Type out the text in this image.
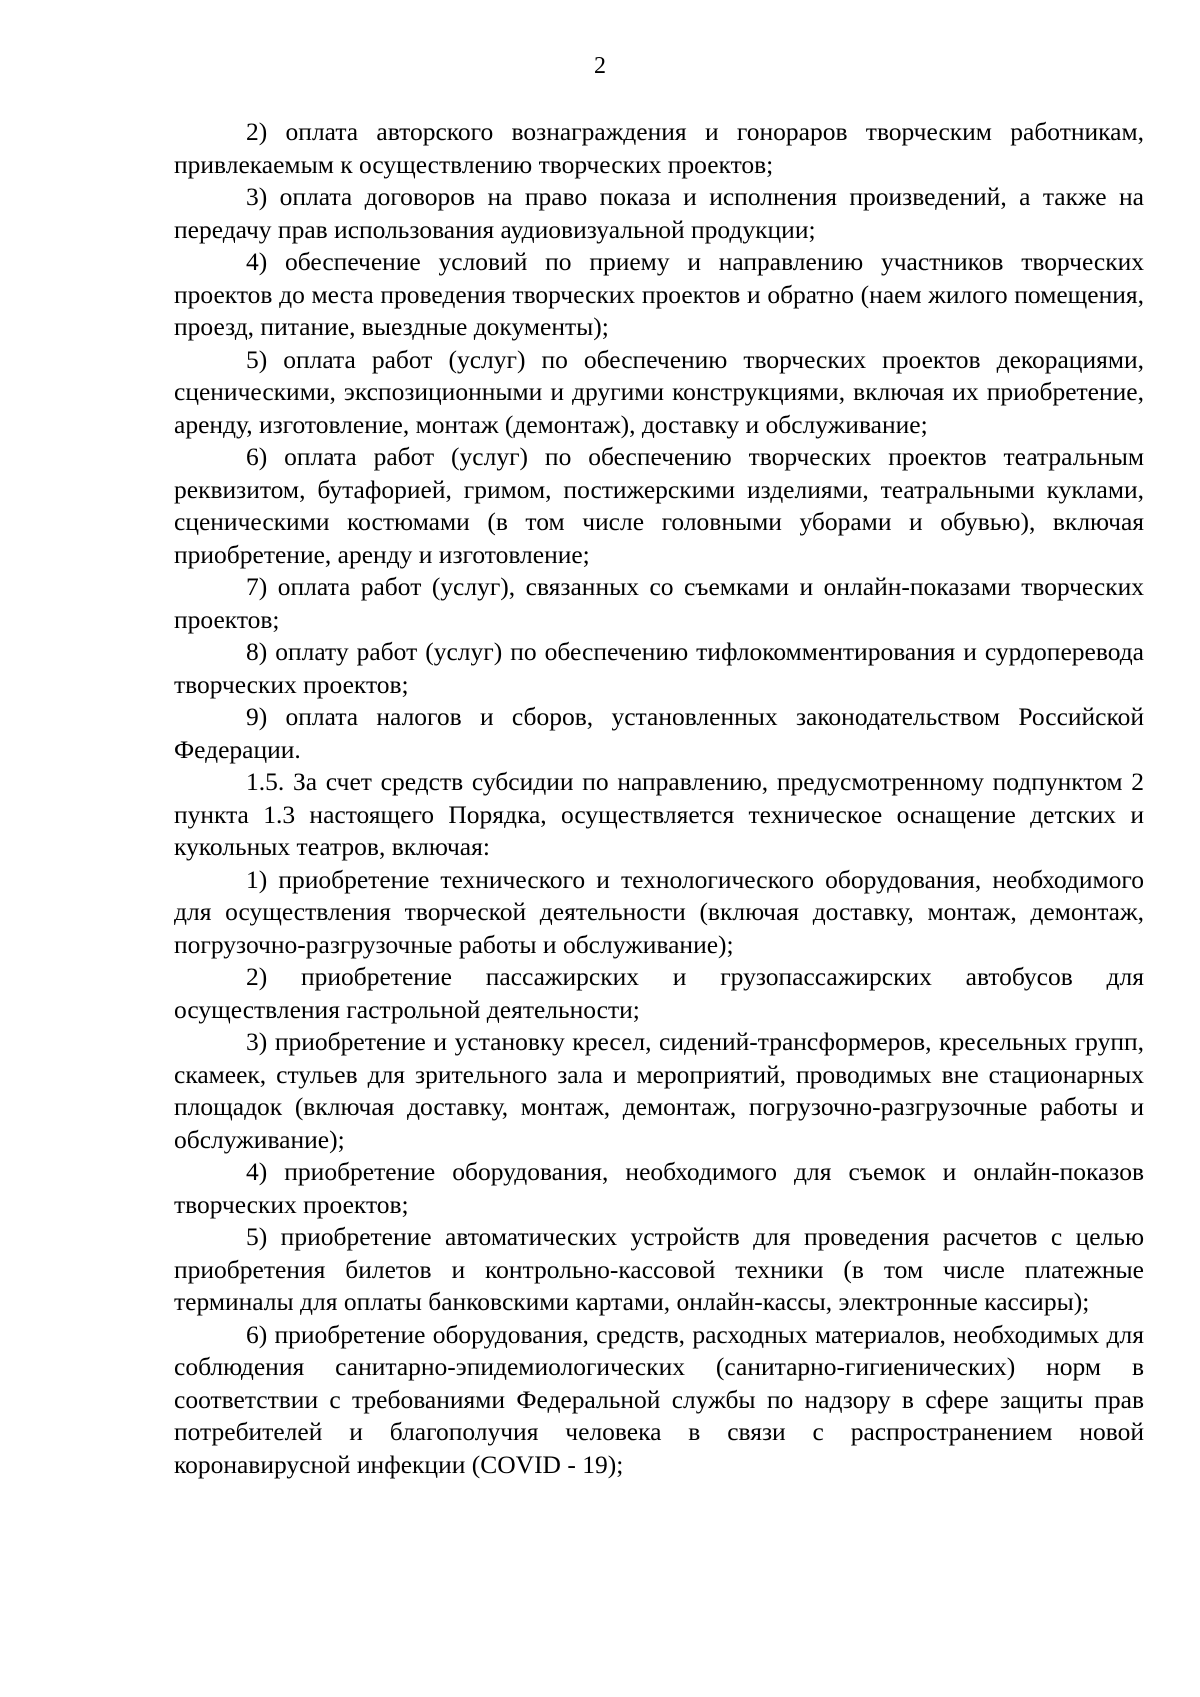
2

2) оплата авторского вознаграждения и гонораров творческим работникам, привлекаемым к осуществлению творческих проектов;

3) оплата договоров на право показа и исполнения произведений, а также на передачу прав использования аудиовизуальной продукции;

4) обеспечение условий по приему и направлению участников творческих проектов до места проведения творческих проектов и обратно (наем жилого помещения, проезд, питание, выездные документы);

5) оплата работ (услуг) по обеспечению творческих проектов декорациями, сценическими, экспозиционными и другими конструкциями, включая их приобретение, аренду, изготовление, монтаж (демонтаж), доставку и обслуживание;

6) оплата работ (услуг) по обеспечению творческих проектов театральным реквизитом, бутафорией, гримом, постижерскими изделиями, театральными куклами, сценическими костюмами (в том числе головными уборами и обувью), включая приобретение, аренду и изготовление;

7) оплата работ (услуг), связанных со съемками и онлайн-показами творческих проектов;

8) оплату работ (услуг) по обеспечению тифлокомментирования и сурдоперевода творческих проектов;

9) оплата налогов и сборов, установленных законодательством Российской Федерации.

1.5. За счет средств субсидии по направлению, предусмотренному подпунктом 2 пункта 1.3 настоящего Порядка, осуществляется техническое оснащение детских и кукольных театров, включая:

1) приобретение технического и технологического оборудования, необходимого для осуществления творческой деятельности (включая доставку, монтаж, демонтаж, погрузочно-разгрузочные работы и обслуживание);

2) приобретение пассажирских и грузопассажирских автобусов для осуществления гастрольной деятельности;

3) приобретение и установку кресел, сидений-трансформеров, кресельных групп, скамеек, стульев для зрительного зала и мероприятий, проводимых вне стационарных площадок (включая доставку, монтаж, демонтаж, погрузочно-разгрузочные работы и обслуживание);

4) приобретение оборудования, необходимого для съемок и онлайн-показов творческих проектов;

5) приобретение автоматических устройств для проведения расчетов с целью приобретения билетов и контрольно-кассовой техники (в том числе платежные терминалы для оплаты банковскими картами, онлайн-кассы, электронные кассиры);

6) приобретение оборудования, средств, расходных материалов, необходимых для соблюдения санитарно-эпидемиологических (санитарно-гигиенических) норм в соответствии с требованиями Федеральной службы по надзору в сфере защиты прав потребителей и благополучия человека в связи с распространением новой коронавирусной инфекции (COVID - 19);
